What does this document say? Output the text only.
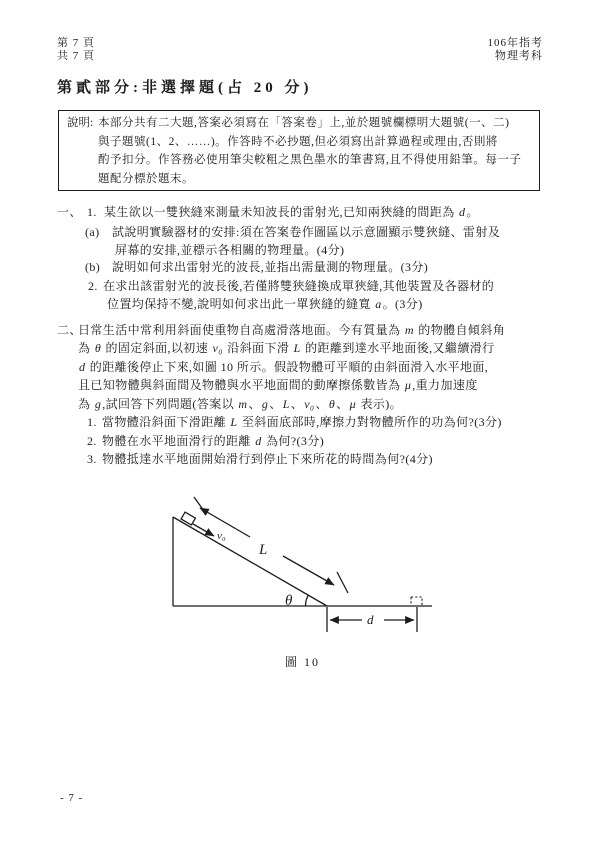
第 7 頁
共 7 頁
106年指考
物理考科
第貳部分:非選擇題(占 20 分)
說明: 本部分共有二大題,答案必須寫在「答案卷」上,並於題號欄標明大題號(一、二)
與子題號(1、2、……)。作答時不必抄題,但必須寫出計算過程或理由,否則將
酌予扣分。作答務必使用筆尖較粗之黑色墨水的筆書寫,且不得使用鉛筆。每一子
題配分標於題末。
一、 1. 某生欲以一雙狹縫來測量未知波長的雷射光,已知兩狹縫的間距為 d。
(a) 試說明實驗器材的安排:須在答案卷作圖區以示意圖顯示雙狹縫、雷射及
屏幕的安排,並標示各相關的物理量。(4分)
(b) 說明如何求出雷射光的波長,並指出需量測的物理量。(3分)
2. 在求出該雷射光的波長後,若僅將雙狹縫換成單狹縫,其他裝置及各器材的
位置均保持不變,說明如何求出此一單狹縫的縫寬 a。(3分)
二、
日常生活中常利用斜面使重物自高處滑落地面。今有質量為 m 的物體自傾斜角
為 θ 的固定斜面,以初速 v₀ 沿斜面下滑 L 的距離到達水平地面後,又繼續滑行
d 的距離後停止下來,如圖 10 所示。假設物體可平順的由斜面滑入水平地面,
且已知物體與斜面間及物體與水平地面間的動摩擦係數皆為 μ,重力加速度
為 g,試回答下列問題(答案以 m、g、L、v₀、θ、μ 表示)。
1. 當物體沿斜面下滑距離 L 至斜面底部時,摩擦力對物體所作的功為何?(3分)
2. 物體在水平地面滑行的距離 d 為何?(3分)
3. 物體抵達水平地面開始滑行到停止下來所花的時間為何?(4分)
v₀
L
θ
d
圖 10
- 7 -
